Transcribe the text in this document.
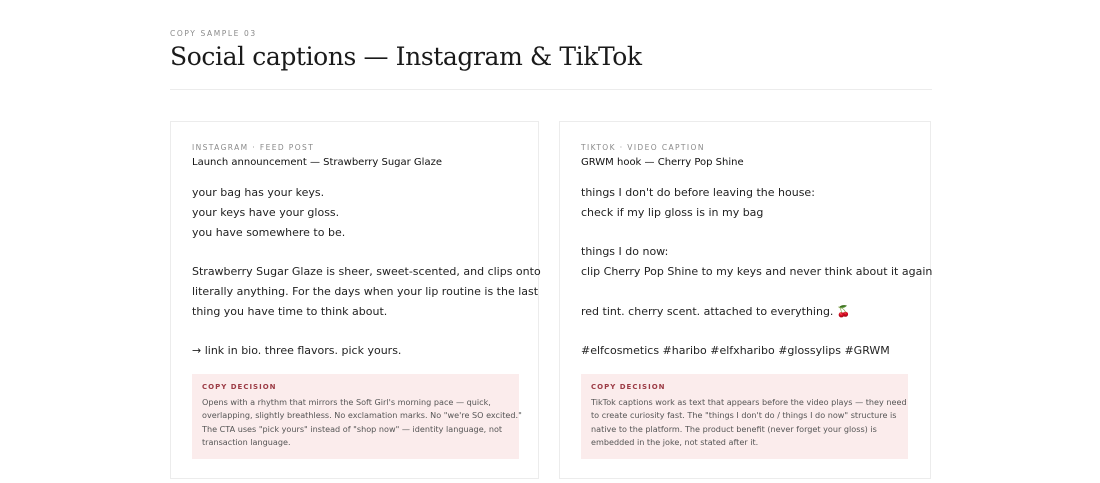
COPY SAMPLE 03
Social captions — Instagram & TikTok
INSTAGRAM · FEED POST
Launch announcement — Strawberry Sugar Glaze
your bag has your keys.
your keys have your gloss.
you have somewhere to be.
Strawberry Sugar Glaze is sheer, sweet-scented, and clips onto
literally anything. For the days when your lip routine is the last
thing you have time to think about.
→ link in bio. three flavors. pick yours.
COPY DECISION
Opens with a rhythm that mirrors the Soft Girl's morning pace — quick,
overlapping, slightly breathless. No exclamation marks. No "we're SO excited."
The CTA uses "pick yours" instead of "shop now" — identity language, not
transaction language.
TIKTOK · VIDEO CAPTION
GRWM hook — Cherry Pop Shine
things I don't do before leaving the house:
check if my lip gloss is in my bag
things I do now:
clip Cherry Pop Shine to my keys and never think about it again
red tint. cherry scent. attached to everything. 🍒
#elfcosmetics #haribo #elfxharibo #glossylips #GRWM
COPY DECISION
TikTok captions work as text that appears before the video plays — they need
to create curiosity fast. The "things I don't do / things I do now" structure is
native to the platform. The product benefit (never forget your gloss) is
embedded in the joke, not stated after it.
